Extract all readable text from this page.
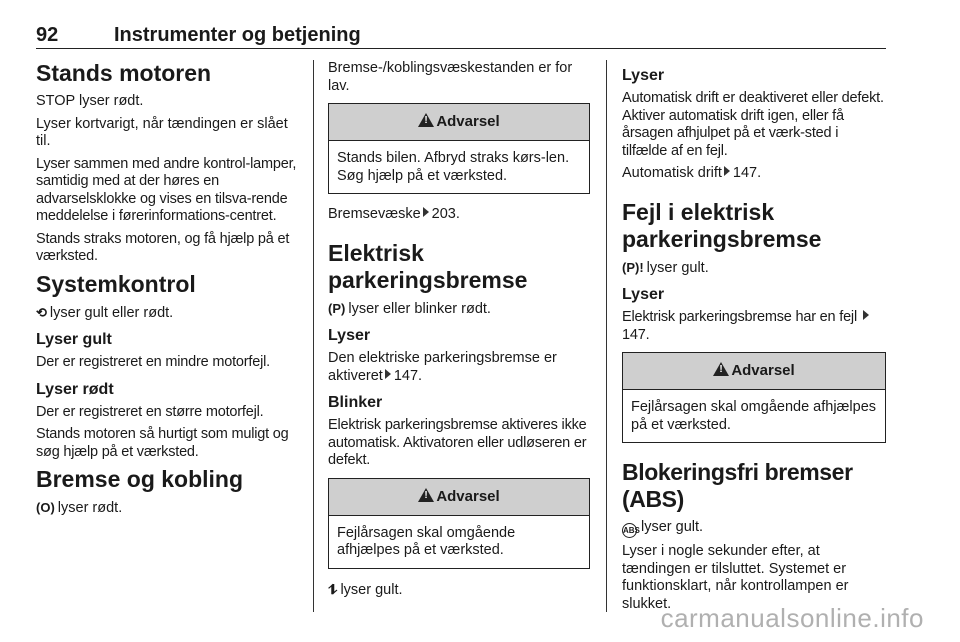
92	Instrumenter og betjening
Stands motoren

STOP lyser rødt.

Lyser kortvarigt, når tændingen er slået til.

Lyser sammen med andre kontrol-lamper, samtidig med at der høres en advarselsklokke og vises en tilsva-rende meddelelse i førerinformations-centret.

Stands straks motoren, og få hjælp på et værksted.

Systemkontrol

⟲ lyser gult eller rødt.

Lyser gult

Der er registreret en mindre motorfejl.

Lyser rødt

Der er registreret en større motorfejl.

Stands motoren så hurtigt som muligt og søg hjælp på et værksted.

Bremse og kobling

(O) lyser rødt.

Bremse-/koblingsvæskestanden er for lav.

!Advarsel
Stands bilen. Afbryd straks kørs-len. Søg hjælp på et værksted.

Bremsevæske 203.

Elektrisk parkeringsbremse

(P) lyser eller blinker rødt.

Lyser

Den elektriske parkeringsbremse er aktiveret 147.

Blinker

Elektrisk parkeringsbremse aktiveres ikke automatisk. Aktivatoren eller udløseren er defekt.

!Advarsel
Fejlårsagen skal omgående afhjælpes på et værksted.

⥮ lyser gult.

Lyser

Automatisk drift er deaktiveret eller defekt. Aktiver automatisk drift igen, eller få årsagen afhjulpet på et værk-sted i tilfælde af en fejl.

Automatisk drift 147.

Fejl i elektrisk parkeringsbremse

(P)! lyser gult.

Lyser

Elektrisk parkeringsbremse har en fejl 147.

!Advarsel
Fejlårsagen skal omgående afhjælpes på et værksted.
Blokeringsfri bremser (ABS)

ABSlyser gult.

Lyser i nogle sekunder efter, at tændingen er tilsluttet. Systemet er funktionsklart, når kontrollampen er slukket.

carmanualsonline.info
